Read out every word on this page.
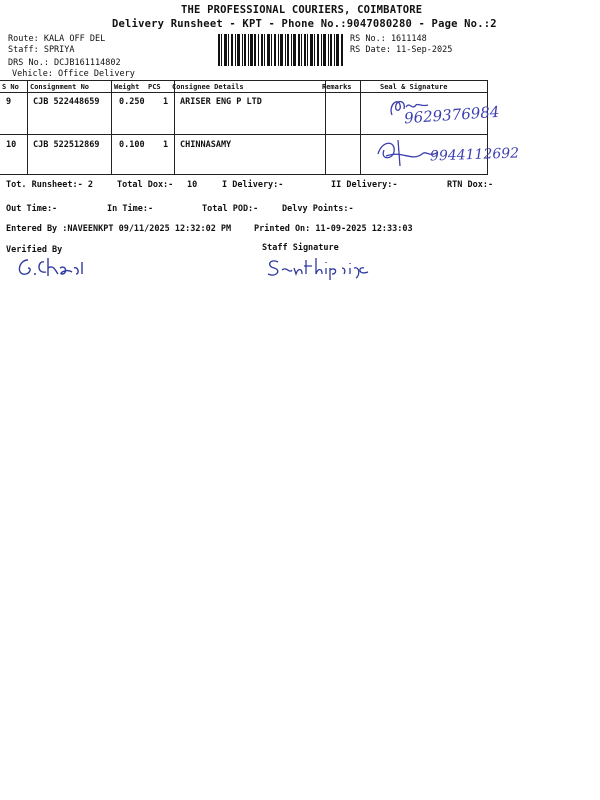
THE PROFESSIONAL COURIERS, COIMBATORE
Delivery Runsheet - KPT - Phone No.:9047080280 - Page No.:2
Route: KALA OFF DEL
Staff: SPRIYA
DRS No.: DCJB161114802
Vehicle: Office Delivery
RS No.: 1611148
RS Date: 11-Sep-2025
S No Consignment No	Weight PCS Consignee Details	Remarks	Seal & Signature
9	CJB 522448659 0.250 1 ARISER ENG P LTD
9629376984
10 CJB 522512869 0.100 1 CHINNASAMY
9944112692
Tot. Runsheet:- 2	Total Dox:- 10	I Delivery:-	II Delivery:-	RTN Dox:-
Out Time:-	In Time:-	Total POD:-	Delvy Points:-
Entered By :NAVEENKPT 09/11/2025 12:32:02 PM	Printed On: 11-09-2025 12:33:03
Verified By	Staff Signature
